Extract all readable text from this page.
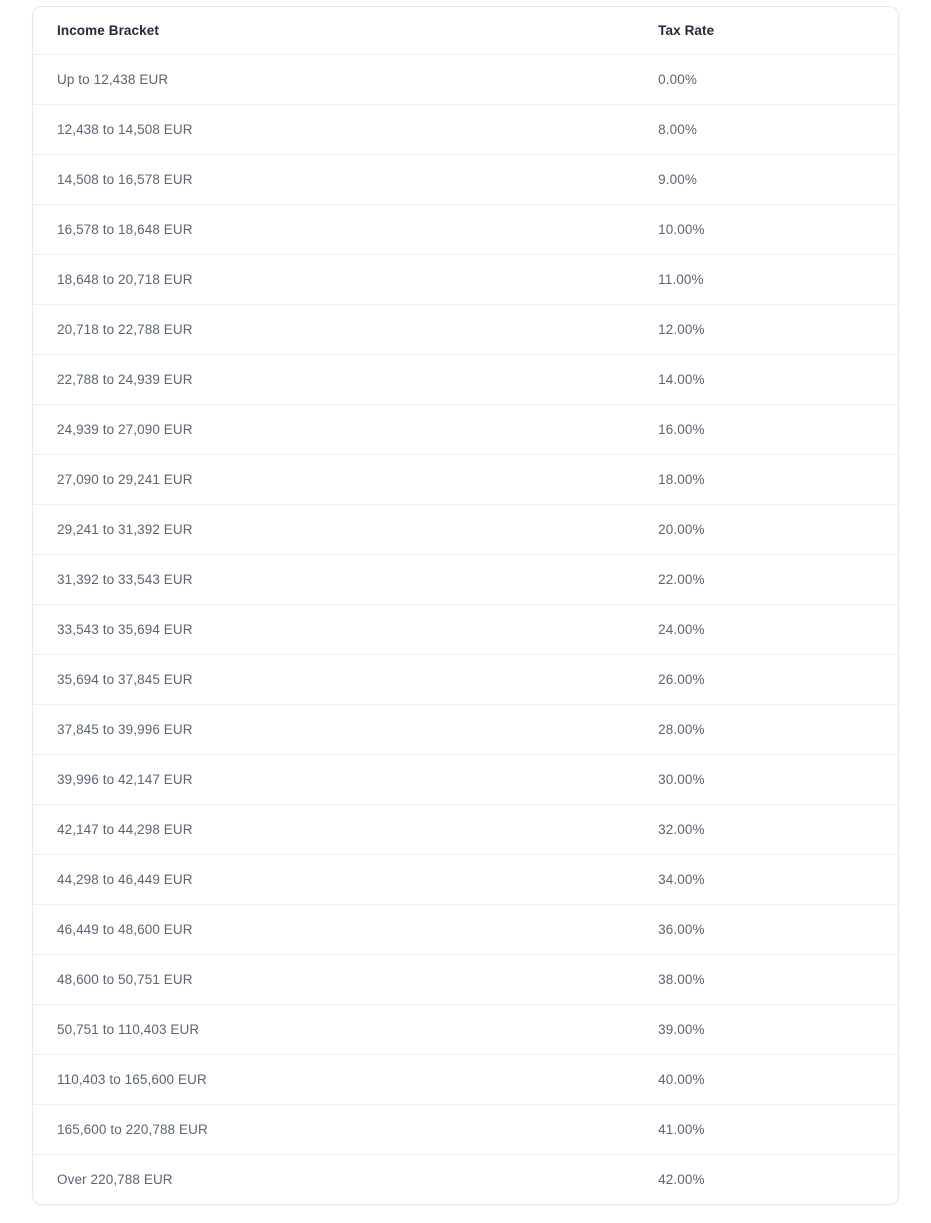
Income Bracket	Tax Rate
Up to 12,438 EUR	0.00%
12,438 to 14,508 EUR	8.00%
14,508 to 16,578 EUR	9.00%
16,578 to 18,648 EUR	10.00%
18,648 to 20,718 EUR	11.00%
20,718 to 22,788 EUR	12.00%
22,788 to 24,939 EUR	14.00%
24,939 to 27,090 EUR	16.00%
27,090 to 29,241 EUR	18.00%
29,241 to 31,392 EUR	20.00%
31,392 to 33,543 EUR	22.00%
33,543 to 35,694 EUR	24.00%
35,694 to 37,845 EUR	26.00%
37,845 to 39,996 EUR	28.00%
39,996 to 42,147 EUR	30.00%
42,147 to 44,298 EUR	32.00%
44,298 to 46,449 EUR	34.00%
46,449 to 48,600 EUR	36.00%
48,600 to 50,751 EUR	38.00%
50,751 to 110,403 EUR	39.00%
110,403 to 165,600 EUR	40.00%
165,600 to 220,788 EUR	41.00%
Over 220,788 EUR	42.00%
